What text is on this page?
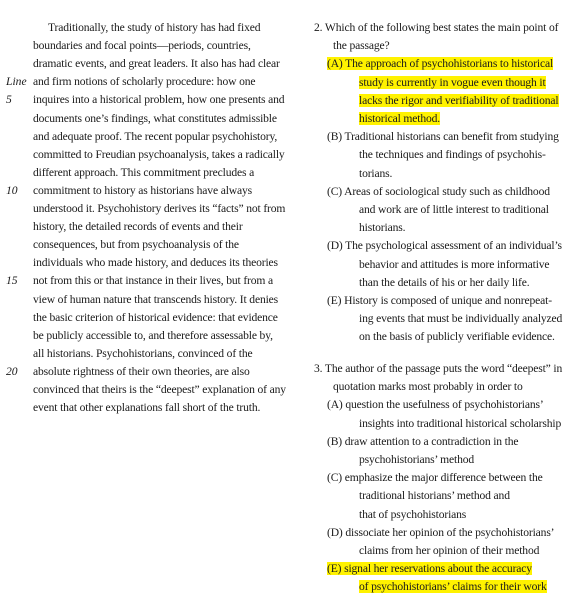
Traditionally, the study of history has had fixed
boundaries and focal points—periods, countries,
dramatic events, and great leaders. It also has had clear
Line and firm notions of scholarly procedure: how one
5 inquires into a historical problem, how one presents and
documents one’s findings, what constitutes admissible
and adequate proof. The recent popular psychohistory,
committed to Freudian psychoanalysis, takes a radically
different approach. This commitment precludes a
10 commitment to history as historians have always
understood it. Psychohistory derives its “facts” not from
history, the detailed records of events and their
consequences, but from psychoanalysis of the
individuals who made history, and deduces its theories
15 not from this or that instance in their lives, but from a
view of human nature that transcends history. It denies
the basic criterion of historical evidence: that evidence
be publicly accessible to, and therefore assessable by,
all historians. Psychohistorians, convinced of the
20 absolute rightness of their own theories, are also
convinced that theirs is the “deepest” explanation of any
event that other explanations fall short of the truth.
2. Which of the following best states the main point of
the passage?
(A) The approach of psychohistorians to historical
study is currently in vogue even though it
lacks the rigor and verifiability of traditional
historical method.
(B) Traditional historians can benefit from studying
the techniques and findings of psychohis-
torians.
(C) Areas of sociological study such as childhood
and work are of little interest to traditional
historians.
(D) The psychological assessment of an individual’s
behavior and attitudes is more informative
than the details of his or her daily life.
(E) History is composed of unique and nonrepeat-
ing events that must be individually analyzed
on the basis of publicly verifiable evidence.
3. The author of the passage puts the word “deepest” in
quotation marks most probably in order to
(A) question the usefulness of psychohistorians’
insights into traditional historical scholarship
(B) draw attention to a contradiction in the
psychohistorians’ method
(C) emphasize the major difference between the
traditional historians’ method and
that of psychohistorians
(D) dissociate her opinion of the psychohistorians’
claims from her opinion of their method
(E) signal her reservations about the accuracy
of psychohistorians’ claims for their work
